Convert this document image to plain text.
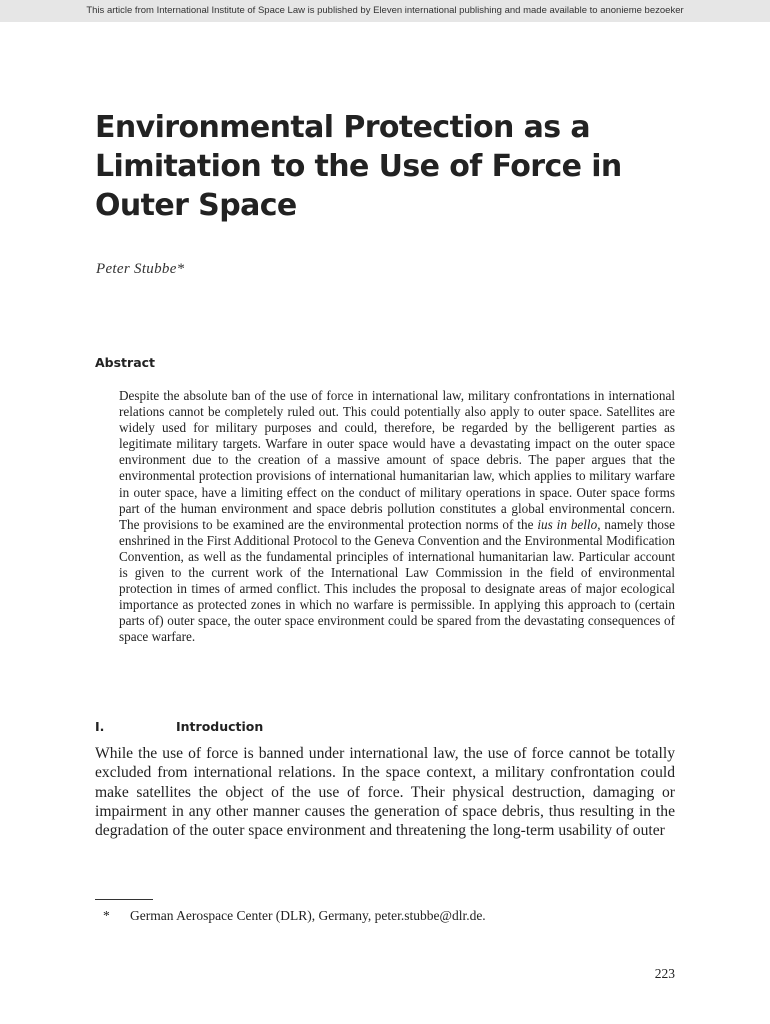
This article from International Institute of Space Law is published by Eleven international publishing and made available to anonieme bezoeker
Environmental Protection as a Limitation to the Use of Force in Outer Space
Peter Stubbe*
Abstract

Despite the absolute ban of the use of force in international law, military confrontations in international relations cannot be completely ruled out. This could potentially also apply to outer space. Satellites are widely used for military purposes and could, therefore, be regarded by the belligerent parties as legitimate military targets. Warfare in outer space would have a devastating impact on the outer space environment due to the creation of a massive amount of space debris. The paper argues that the environmental protection provisions of international humanitarian law, which applies to military warfare in outer space, have a limiting effect on the conduct of military operations in space. Outer space forms part of the human environment and space debris pollution constitutes a global environmental concern. The provisions to be examined are the environmental protection norms of the ius in bello, namely those enshrined in the First Additional Protocol to the Geneva Convention and the Environmental Modification Convention, as well as the fundamental principles of international humanitarian law. Particular account is given to the current work of the International Law Commission in the field of environmental protection in times of armed conflict. This includes the proposal to designate areas of major ecological importance as protected zones in which no warfare is permissible. In applying this approach to (certain parts of) outer space, the outer space environment could be spared from the devastating consequences of space warfare.

I.	Introduction

While the use of force is banned under international law, the use of force cannot be totally excluded from international relations. In the space context, a military confrontation could make satellites the object of the use of force. Their physical destruction, damaging or impairment in any other manner causes the generation of space debris, thus resulting in the degradation of the outer space environment and threatening the long-term usability of outer

* German Aerospace Center (DLR), Germany, peter.stubbe@dlr.de.
223
